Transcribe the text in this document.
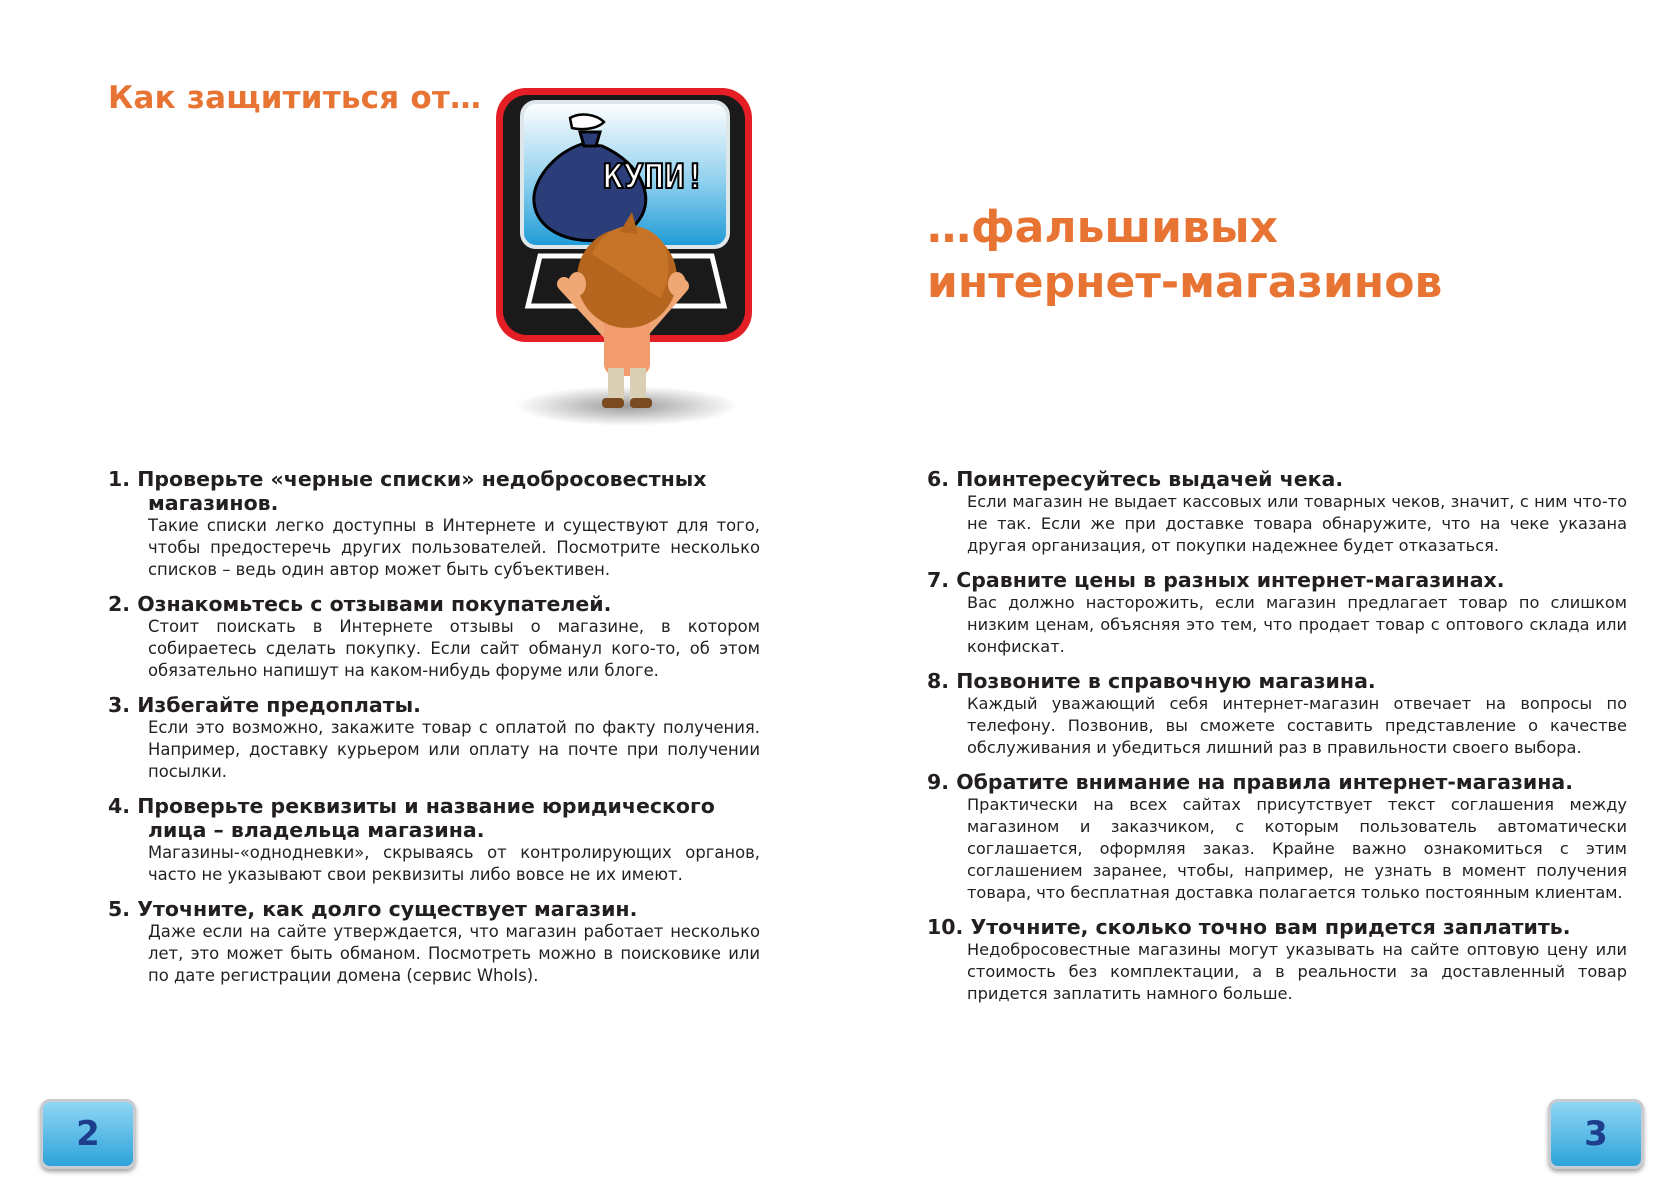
Как защититься от…
КУПИ!

1. Проверьте «черные списки» недобросовестных магазинов.

Такие списки легко доступны в Интернете и существуют для того, чтобы предостеречь других пользователей. Посмотрите несколько списков – ведь один автор может быть субъективен.

2. Ознакомьтесь с отзывами покупателей.

Стоит поискать в Интернете отзывы о магазине, в котором собираетесь сделать покупку. Если сайт обманул кого-то, об этом обязательно напишут на каком-нибудь форуме или блоге.

3. Избегайте предоплаты.

Если это возможно, закажите товар с оплатой по факту получения. Например, доставку курьером или оплату на почте при получении посылки.

4. Проверьте реквизиты и название юридического лица – владельца магазина.

Магазины-«однодневки», скрываясь от контролирующих органов, часто не указывают свои реквизиты либо вовсе не их имеют.

5. Уточните, как долго существует магазин.

Даже если на сайте утверждается, что магазин работает несколько лет, это может быть обманом. Посмотреть можно в поисковике или по дате регистрации домена (сервис WhoIs).

2
…фальшивых
интернет-магазинов

6. Поинтересуйтесь выдачей чека.

Если магазин не выдает кассовых или товарных чеков, значит, с ним что-то не так. Если же при доставке товара обнаружите, что на чеке указана другая организация, от покупки надежнее будет отказаться.

7. Сравните цены в разных интернет-магазинах.

Вас должно насторожить, если магазин предлагает товар по слишком низким ценам, объясняя это тем, что продает товар с оптового склада или конфискат.

8. Позвоните в справочную магазина.

Каждый уважающий себя интернет-магазин отвечает на вопросы по телефону. Позвонив, вы сможете составить представление о качестве обслуживания и убедиться лишний раз в правильности своего выбора.

9. Обратите внимание на правила интернет-магазина.

Практически на всех сайтах присутствует текст соглашения между магазином и заказчиком, с которым пользователь автоматически соглашается, оформляя заказ. Крайне важно ознакомиться с этим соглашением заранее, чтобы, например, не узнать в момент получения товара, что бесплатная доставка полагается только постоянным клиентам.

10. Уточните, сколько точно вам придется заплатить.

Недобросовестные магазины могут указывать на сайте оптовую цену или стоимость без комплектации, а в реальности за доставленный товар придется заплатить намного больше.

3
